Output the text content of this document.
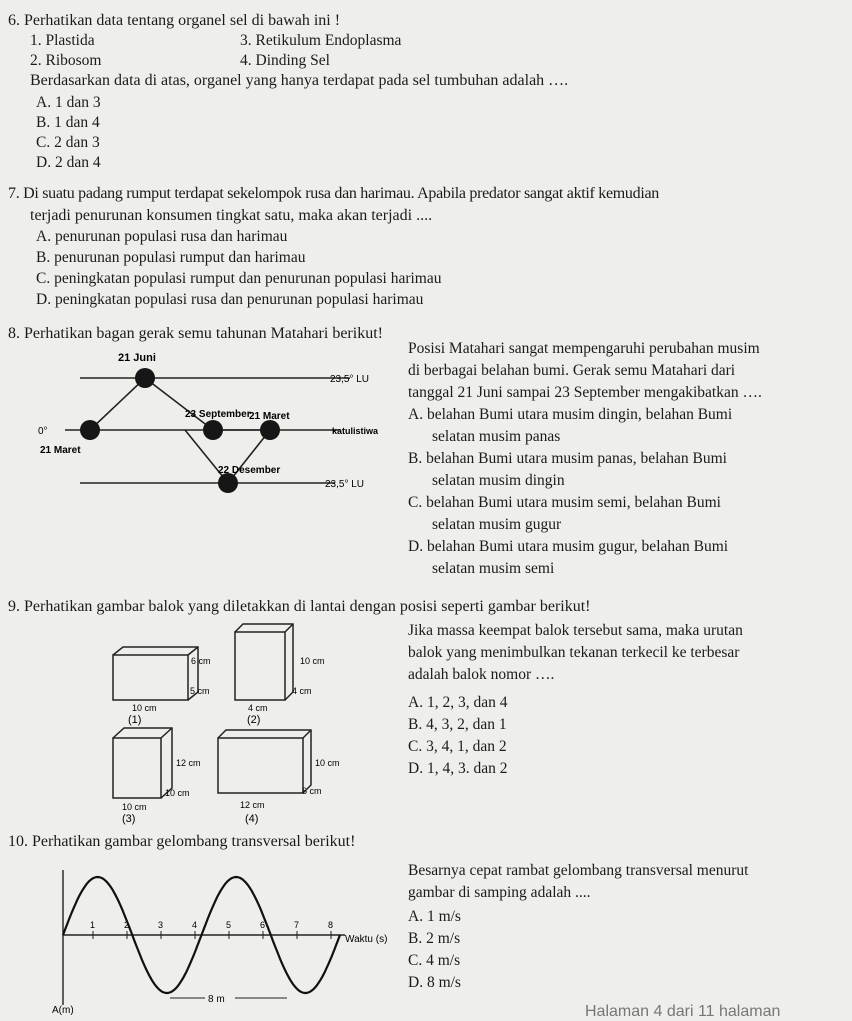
6. Perhatikan data tentang organel sel di bawah ini !
1. Plastida	3. Retikulum Endoplasma
2. Ribosom	4. Dinding Sel
Berdasarkan data di atas, organel yang hanya terdapat pada sel tumbuhan adalah ….
A. 1 dan 3
B. 1 dan 4
C. 2 dan 3
D. 2 dan 4
7. Di suatu padang rumput terdapat sekelompok rusa dan harimau. Apabila predator sangat aktif kemudian
terjadi penurunan konsumen tingkat satu, maka akan terjadi ....
A. penurunan populasi rusa dan harimau
B. penurunan populasi rumput dan harimau
C. peningkatan populasi rumput dan penurunan populasi harimau
D. peningkatan populasi rusa dan penurunan populasi harimau
8. Perhatikan bagan gerak semu tahunan Matahari berikut!
21 Juni
23,5° LU
0°
23 September
21 Maret
katulistiwa
21 Maret
22 Desember
23,5° LU
Posisi Matahari sangat mempengaruhi perubahan musim
di berbagai belahan bumi. Gerak semu Matahari dari
tanggal 21 Juni sampai 23 September mengakibatkan ….
A. belahan Bumi utara musim dingin, belahan Bumi
selatan musim panas
B. belahan Bumi utara musim panas, belahan Bumi
selatan musim dingin
C. belahan Bumi utara musim semi, belahan Bumi
selatan musim gugur
D. belahan Bumi utara musim gugur, belahan Bumi
selatan musim semi
9. Perhatikan gambar balok yang diletakkan di lantai dengan posisi seperti gambar berikut!
6 cm
5 cm
10 cm
(1)
10 cm
4 cm
4 cm
(2)
12 cm
10 cm
10 cm
(3)
10 cm
6 cm
12 cm
(4)
Jika massa keempat balok tersebut sama, maka urutan
balok yang menimbulkan tekanan terkecil ke terbesar
adalah balok nomor ….
A. 1, 2, 3, dan 4
B. 4, 3, 2, dan 1
C. 3, 4, 1, dan 2
D. 1, 4, 3. dan 2
10. Perhatikan gambar gelombang transversal berikut!
1	2	3	4	5	6	7	8
Waktu (s)
A(m)
8 m
Besarnya cepat rambat gelombang transversal menurut
gambar di samping adalah ....
A. 1 m/s
B. 2 m/s
C. 4 m/s
D. 8 m/s
Halaman 4 dari 11 halaman
